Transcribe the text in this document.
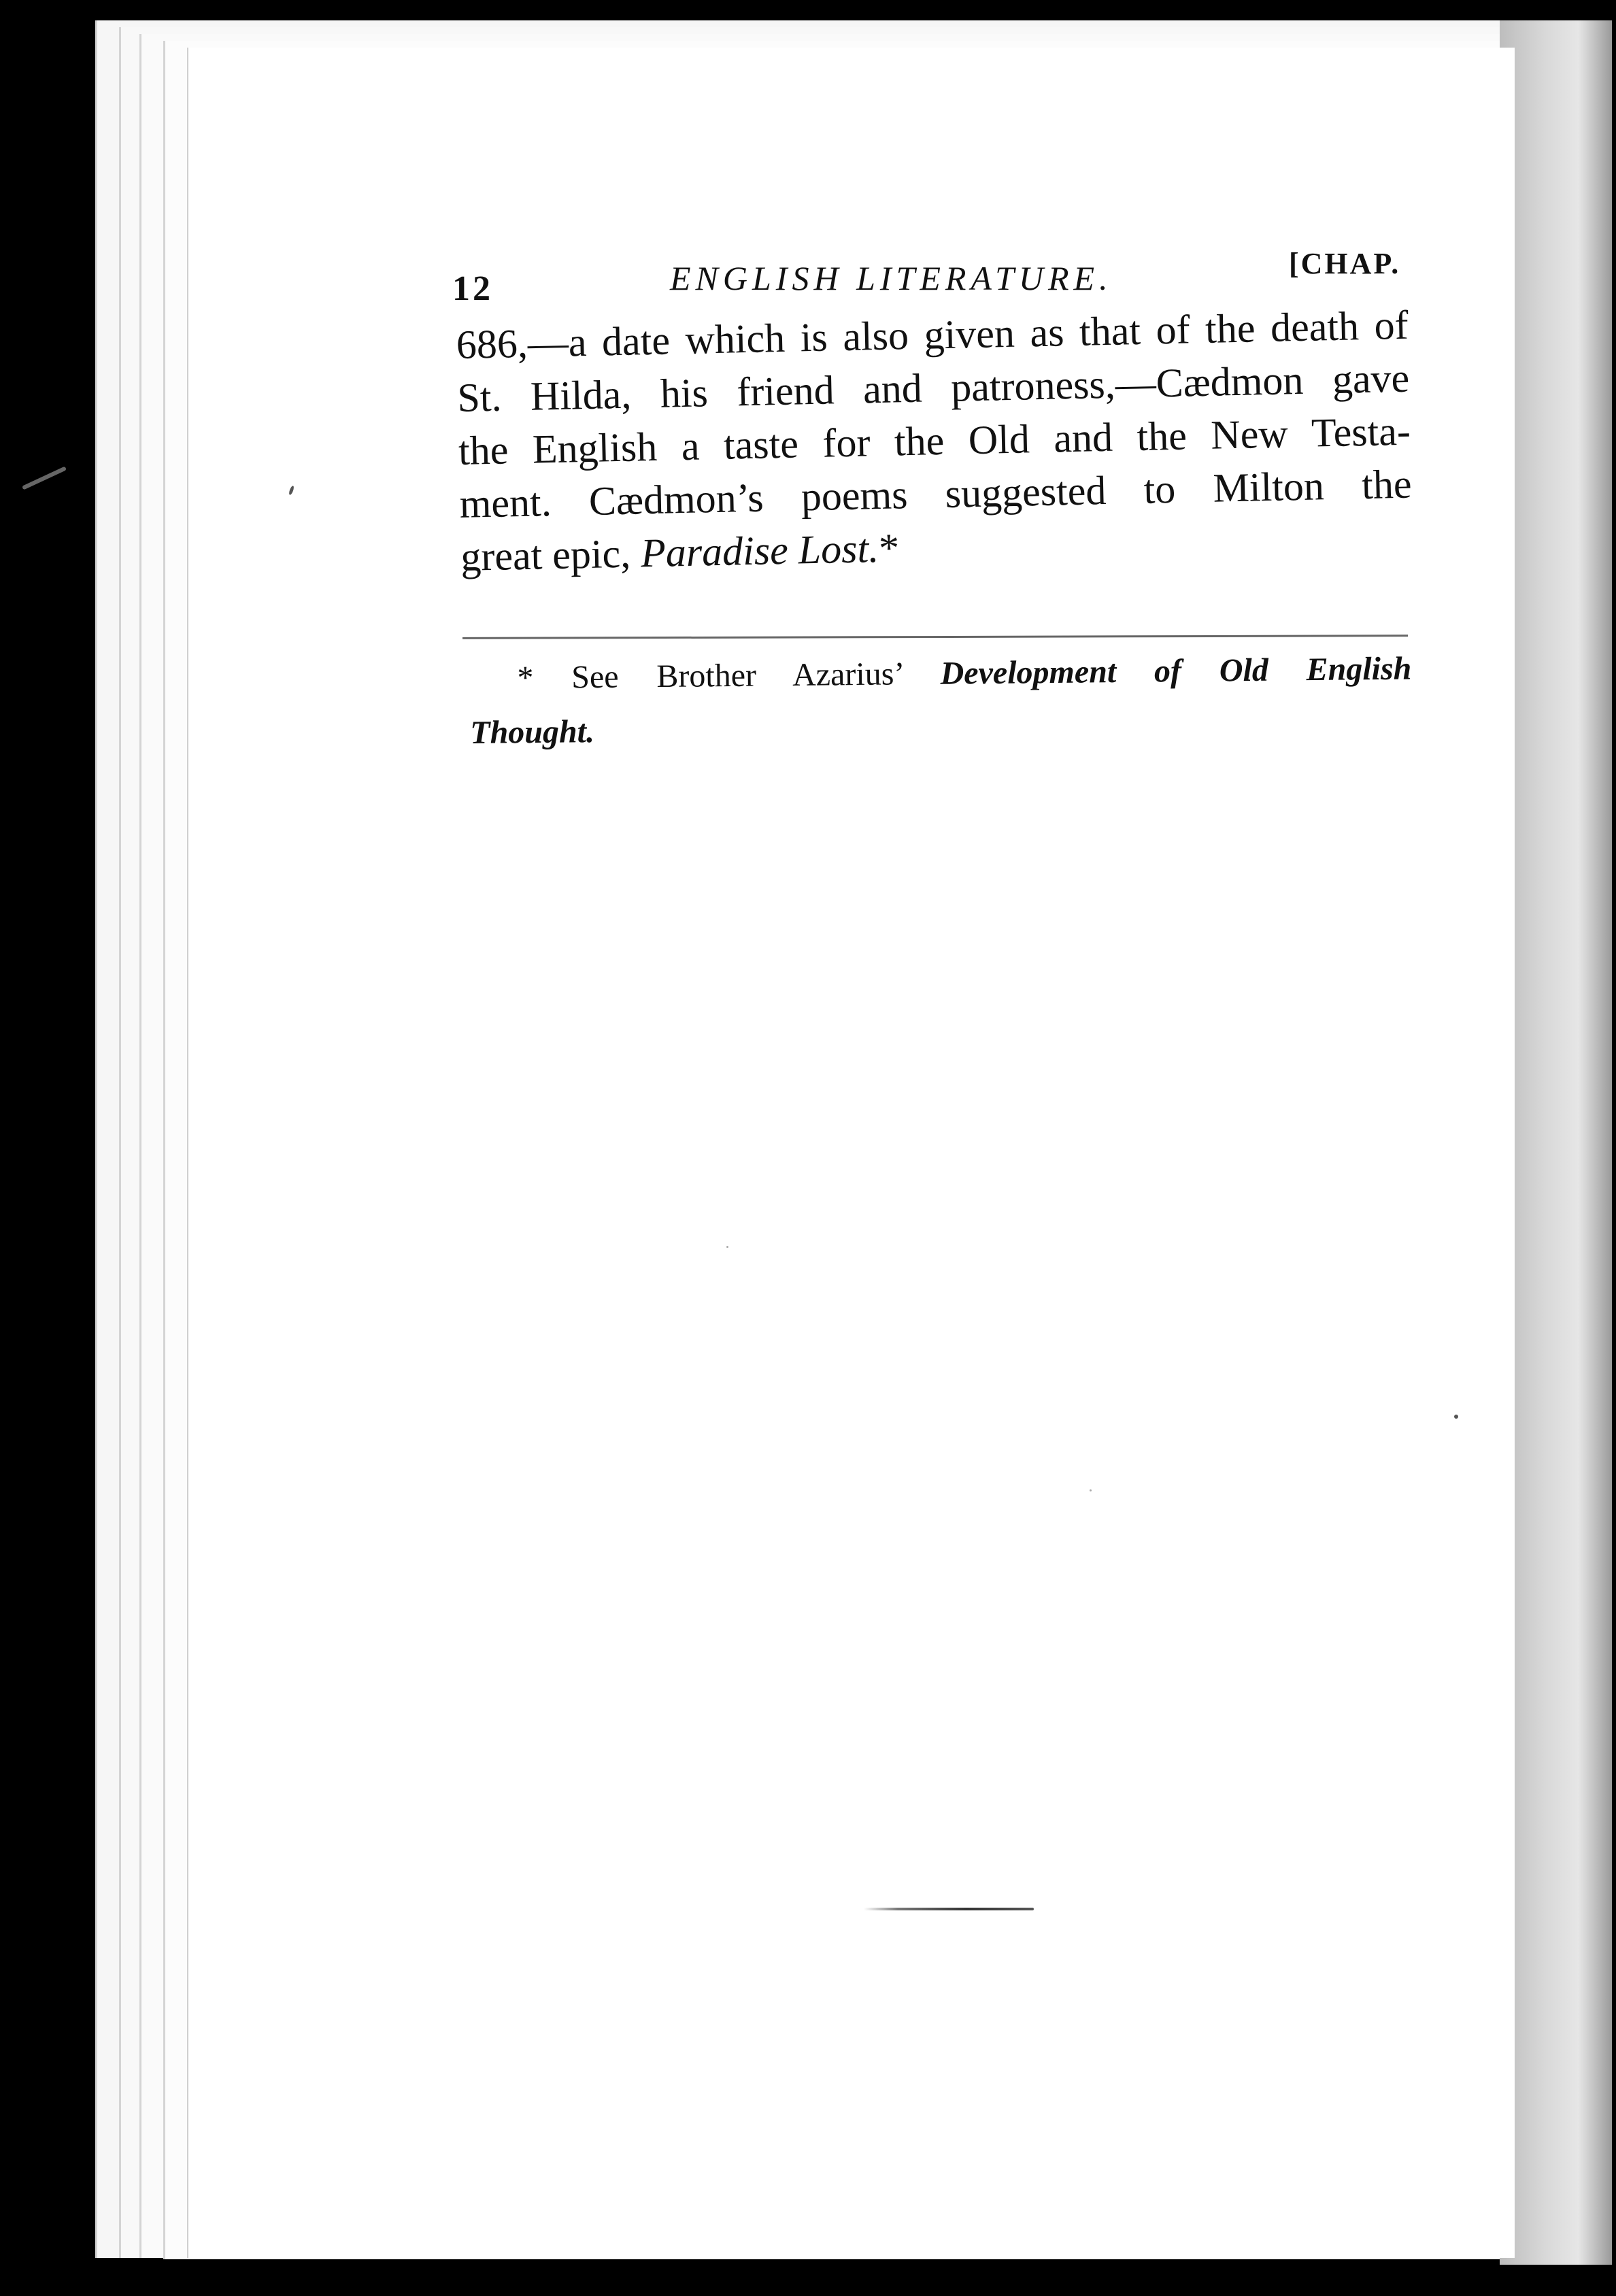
12	ENGLISH LITERATURE.	[CHAP.
686,—a date which is also given as that of the death of
St. Hilda, his friend and patroness,—Cædmon gave
the English a taste for the Old and the New Testa-
ment. Cædmon’s poems suggested to Milton the
great epic, Paradise Lost.*
* See Brother Azarius’ Development of Old English
Thought.
